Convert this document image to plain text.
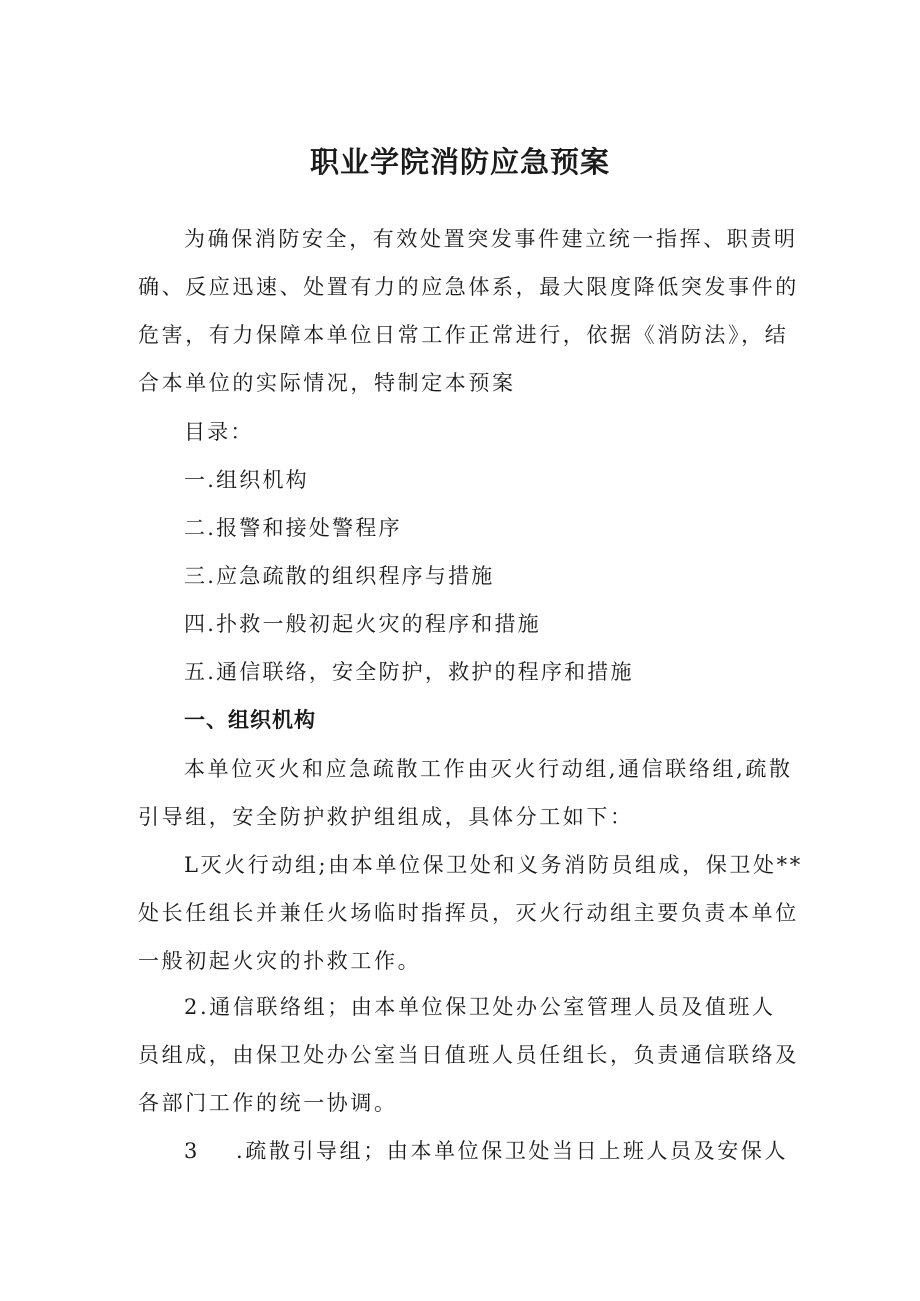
职业学院消防应急预案
为确保消防安全，有效处置突发事件建立统一指挥、职责明
确、反应迅速、处置有力的应急体系，最大限度降低突发事件的
危害，有力保障本单位日常工作正常进行，依据《消防法》，结
合本单位的实际情况，特制定本预案
目录：
一.组织机构
二.报警和接处警程序
三.应急疏散的组织程序与措施
四.扑救一般初起火灾的程序和措施
五.通信联络，安全防护，救护的程序和措施
一、组织机构
本单位灭火和应急疏散工作由灭火行动组,通信联络组,疏散
引导组，安全防护救护组组成，具体分工如下：
L灭火行动组;由本单位保卫处和义务消防员组成，保卫处**
处长任组长并兼任火场临时指挥员，灭火行动组主要负责本单位
一般初起火灾的扑救工作。
2.通信联络组；由本单位保卫处办公室管理人员及值班人
员组成，由保卫处办公室当日值班人员任组长，负责通信联络及
各部门工作的统一协调。
3 .疏散引导组；由本单位保卫处当日上班人员及安保人
